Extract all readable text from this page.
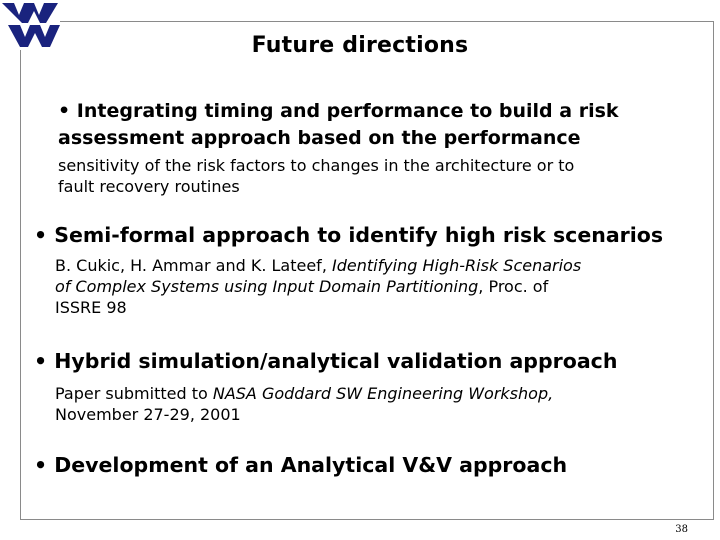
Future directions
• Integrating timing and performance to build a risk
assessment approach based on the performance
sensitivity of the risk factors to changes in the architecture or to
fault recovery routines
• Semi-formal approach to identify high risk scenarios
B. Cukic, H. Ammar and K. Lateef, Identifying High-Risk Scenarios
of Complex Systems using Input Domain Partitioning, Proc. of
ISSRE 98
• Hybrid simulation/analytical validation approach
Paper submitted to NASA Goddard SW Engineering Workshop,
November 27-29, 2001
• Development of an Analytical V&V approach
38
